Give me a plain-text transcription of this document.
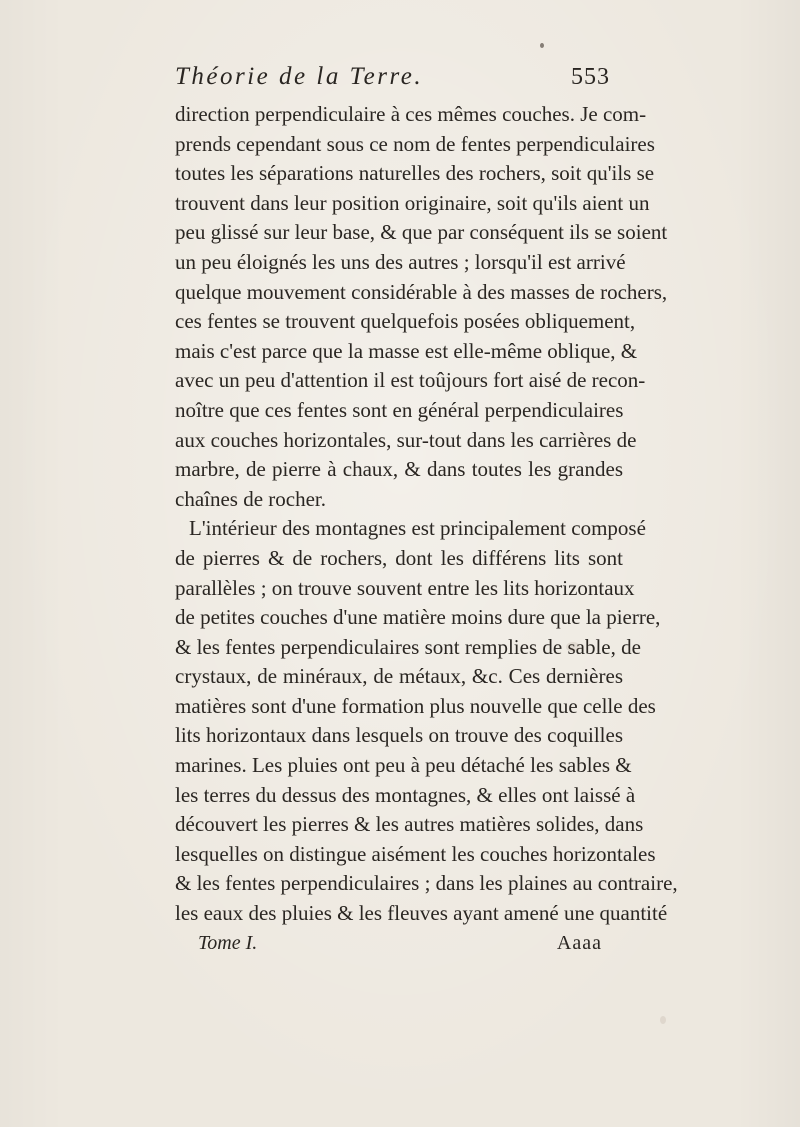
Théorie de la Terre.	553
direction perpendiculaire à ces mêmes couches. Je com-
prends cependant sous ce nom de fentes perpendiculaires
toutes les séparations naturelles des rochers, soit qu'ils se
trouvent dans leur position originaire, soit qu'ils aient un
peu glissé sur leur base, & que par conséquent ils se soient
un peu éloignés les uns des autres ; lorsqu'il est arrivé
quelque mouvement considérable à des masses de rochers,
ces fentes se trouvent quelquefois posées obliquement,
mais c'est parce que la masse est elle-même oblique, &
avec un peu d'attention il est toûjours fort aisé de recon-
noître que ces fentes sont en général perpendiculaires
aux couches horizontales, sur-tout dans les carrières de
marbre, de pierre à chaux, & dans toutes les grandes
chaînes de rocher.
L'intérieur des montagnes est principalement composé
de pierres & de rochers, dont les différens lits sont
parallèles ; on trouve souvent entre les lits horizontaux
de petites couches d'une matière moins dure que la pierre,
& les fentes perpendiculaires sont remplies de sable, de
crystaux, de minéraux, de métaux, &c. Ces dernières
matières sont d'une formation plus nouvelle que celle des
lits horizontaux dans lesquels on trouve des coquilles
marines. Les pluies ont peu à peu détaché les sables &
les terres du dessus des montagnes, & elles ont laissé à
découvert les pierres & les autres matières solides, dans
lesquelles on distingue aisément les couches horizontales
& les fentes perpendiculaires ; dans les plaines au contraire,
les eaux des pluies & les fleuves ayant amené une quantité
Tome I.	Aaaa
